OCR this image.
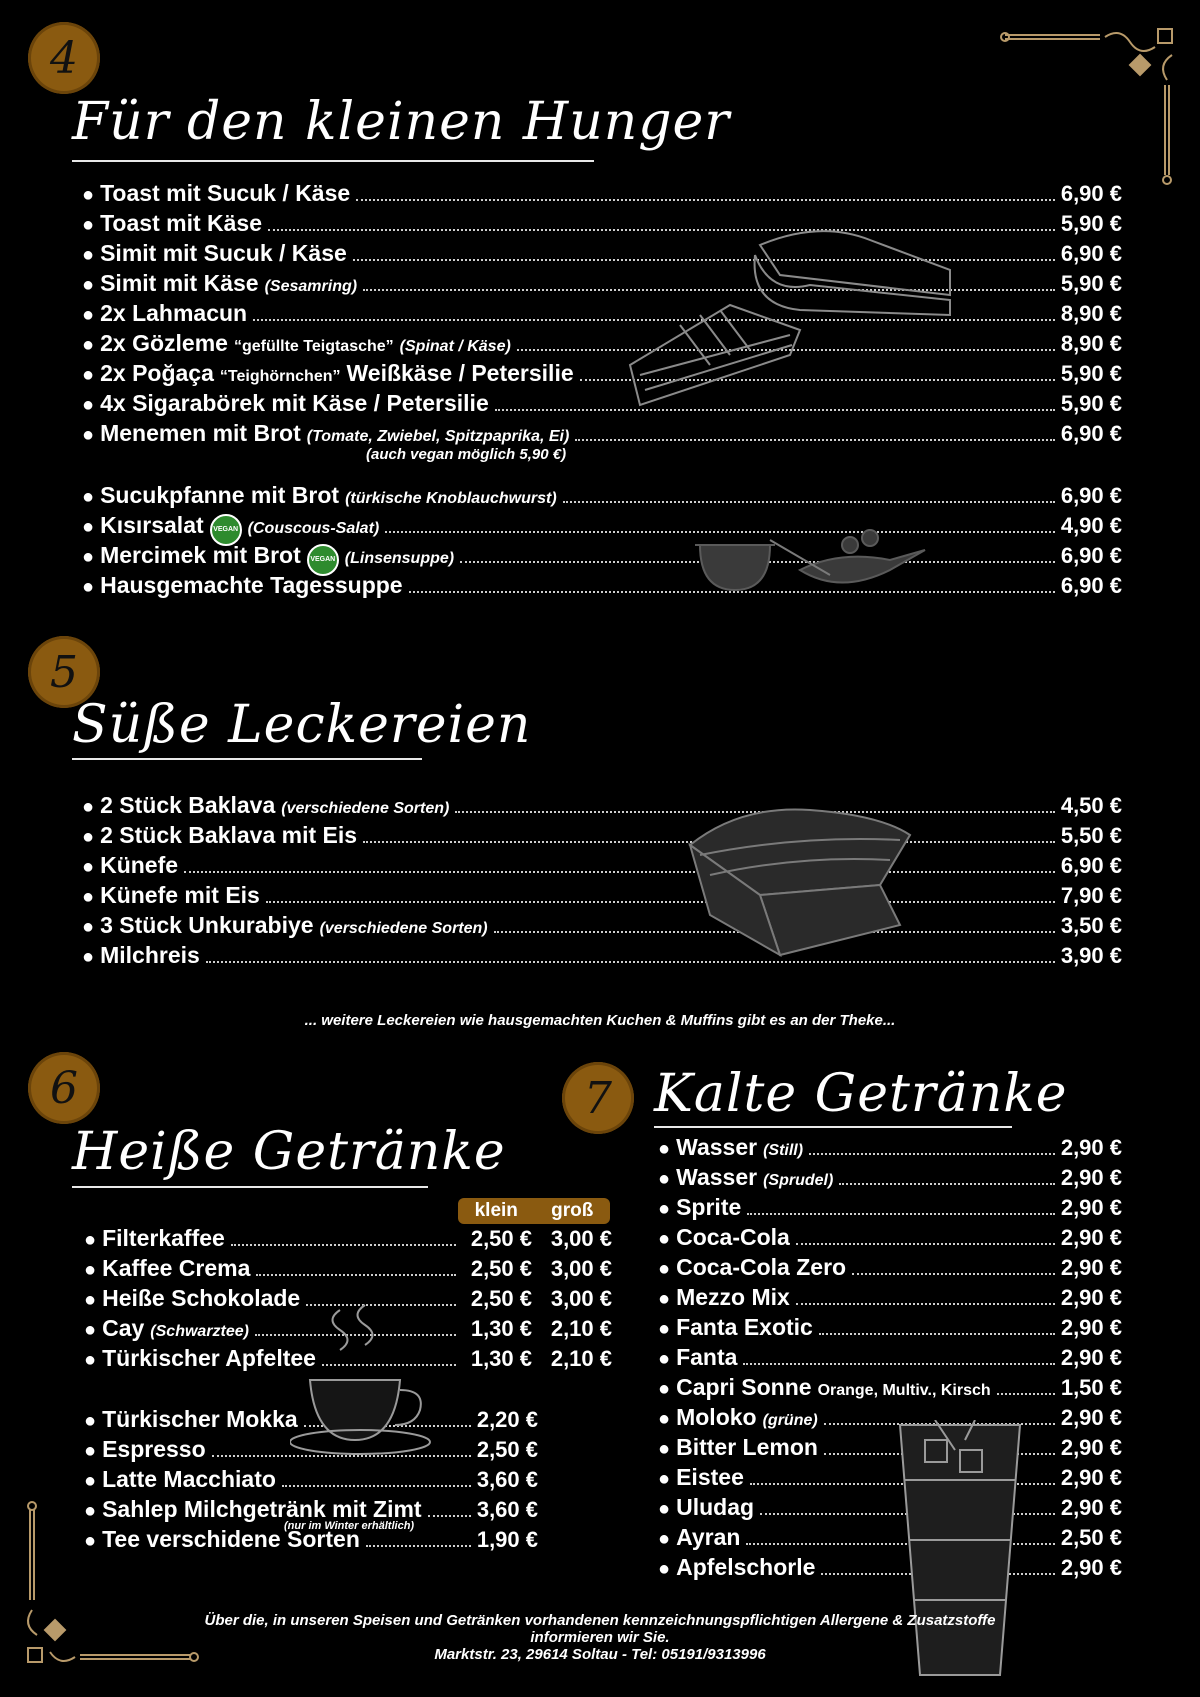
4
Für den kleinen Hunger
● Toast mit Sucuk / Käse	6,90 €
● Toast mit Käse	5,90 €
● Simit mit Sucuk / Käse	6,90 €
● Simit mit Käse (Sesamring)	5,90 €
● 2x Lahmacun	8,90 €
● 2x Gözleme “gefüllte Teigtasche” (Spinat / Käse)	8,90 €
● 2x Poğaça “Teighörnchen” Weißkäse / Petersilie	5,90 €
● 4x Sigarabörek mit Käse / Petersilie	5,90 €
● Menemen mit Brot (Tomate, Zwiebel, Spitzpaprika, Ei)	6,90 €
● Sucukpfanne mit Brot (türkische Knoblauchwurst)	6,90 €
● Kısırsalat	VEGAN (Couscous-Salat)	4,90 €
● Mercimek mit Brot	VEGAN (Linsensuppe)	6,90 €
● Hausgemachte Tagessuppe	6,90 €
(auch vegan möglich 5,90 €)
5
Süße Leckereien
● 2 Stück Baklava (verschiedene Sorten)	4,50 €
● 2 Stück Baklava mit Eis	5,50 €
● Künefe	6,90 €
● Künefe mit Eis	7,90 €
● 3 Stück Unkurabiye (verschiedene Sorten)	3,50 €
● Milchreis	3,90 €
... weitere Leckereien wie hausgemachten Kuchen & Muffins gibt es an der Theke...
6
Heiße Getränke
klein groß
● Filterkaffee	2,50 € 3,00 €
● Kaffee Crema	2,50 € 3,00 €
● Heiße Schokolade	2,50 € 3,00 €
● Cay (Schwarztee)	1,30 € 2,10 €
● Türkischer Apfeltee	1,30 € 2,10 €
● Türkischer Mokka	2,20 €
● Espresso	2,50 €
● Latte Macchiato	3,60 €
● Sahlep Milchgetränk mit Zimt	3,60 €
● Tee verschidene Sorten	1,90 €
(nur im Winter erhältlich)
7 Kalte Getränke
● Wasser (Still)	2,90 €
● Wasser (Sprudel)	2,90 €
● Sprite	2,90 €
● Coca-Cola	2,90 €
● Coca-Cola Zero	2,90 €
● Mezzo Mix	2,90 €
● Fanta Exotic	2,90 €
● Fanta	2,90 €
● Capri Sonne Orange, Multiv., Kirsch	1,50 €
● Moloko (grüne)	2,90 €
● Bitter Lemon	2,90 €
● Eistee	2,90 €
● Uludag	2,90 €
● Ayran	2,50 €
● Apfelschorle	2,90 €
Über die, in unseren Speisen und Getränken vorhandenen kennzeichnungspflichtigen Allergene & Zusatzstoffe
informieren wir Sie.
Marktstr. 23, 29614 Soltau - Tel: 05191/9313996
